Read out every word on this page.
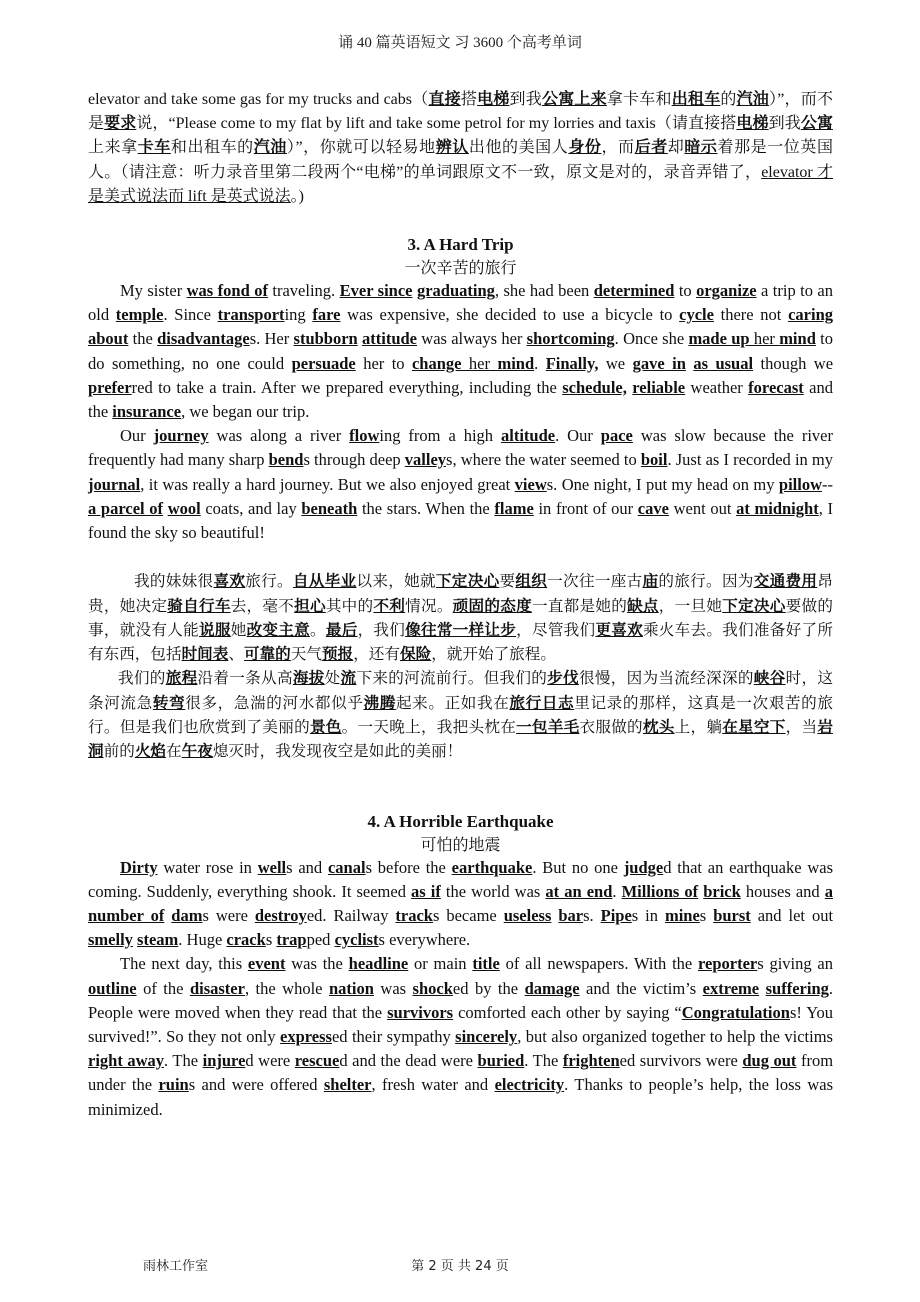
诵 40 篇英语短文 习 3600 个高考单词

elevator and take some gas for my trucks and cabs（直接搭电梯到我公寓上来拿卡车和出租车的汽油）”，而不是要求说，“Please come to my flat by lift and take some petrol for my lorries and taxis（请直接搭电梯到我公寓上来拿卡车和出租车的汽油）”，你就可以轻易地辨认出他的美国人身份，而后者却暗示着那是一位英国人。（请注意：听力录音里第二段两个“电梯”的单词跟原文不一致，原文是对的，录音弄错了，elevator 才是美式说法而 lift 是英式说法。)

3. A Hard Trip

一次辛苦的旅行

My sister was fond of traveling. Ever since graduating, she had been determined to organize a trip to an old temple. Since transporting fare was expensive, she decided to use a bicycle to cycle there not caring about the disadvantages. Her stubborn attitude was always her shortcoming. Once she made up her mind to do something, no one could persuade her to change her mind. Finally, we gave in as usual though we preferred to take a train. After we prepared everything, including the schedule, reliable weather forecast and the insurance, we began our trip.

Our journey was along a river flowing from a high altitude. Our pace was slow because the river frequently had many sharp bends through deep valleys, where the water seemed to boil. Just as I recorded in my journal, it was really a hard journey. But we also enjoyed great views. One night, I put my head on my pillow--a parcel of wool coats, and lay beneath the stars. When the flame in front of our cave went out at midnight, I found the sky so beautiful!

我的妹妹很喜欢旅行。自从毕业以来，她就下定决心要组织一次往一座古庙的旅行。因为交通费用昂贵，她决定骑自行车去，毫不担心其中的不利情况。顽固的态度一直都是她的缺点，一旦她下定决心要做的事，就没有人能说服她改变主意。最后，我们像往常一样让步，尽管我们更喜欢乘火车去。我们准备好了所有东西，包括时间表、可靠的天气预报，还有保险，就开始了旅程。

我们的旅程沿着一条从高海拔处流下来的河流前行。但我们的步伐很慢，因为当流经深深的峡谷时，这条河流急转弯很多，急湍的河水都似乎沸腾起来。正如我在旅行日志里记录的那样，这真是一次艰苦的旅行。但是我们也欣赏到了美丽的景色。一天晚上，我把头枕在一包羊毛衣服做的枕头上，躺在星空下，当岩洞前的火焰在午夜熄灭时，我发现夜空是如此的美丽！

4. A Horrible Earthquake

可怕的地震

Dirty water rose in wells and canals before the earthquake. But no one judged that an earthquake was coming. Suddenly, everything shook. It seemed as if the world was at an end. Millions of brick houses and a number of dams were destroyed. Railway tracks became useless bars. Pipes in mines burst and let out smelly steam. Huge cracks trapped cyclists everywhere.

The next day, this event was the headline or main title of all newspapers. With the reporters giving an outline of the disaster, the whole nation was shocked by the damage and the victim’s extreme suffering. People were moved when they read that the survivors comforted each other by saying “Congratulations! You survived!”. So they not only expressed their sympathy sincerely, but also organized together to help the victims right away. The injured were rescued and the dead were buried. The frightened survivors were dug out from under the ruins and were offered shelter, fresh water and electricity. Thanks to people’s help, the loss was minimized.

雨林工作室	第 2 页 共 24 页
